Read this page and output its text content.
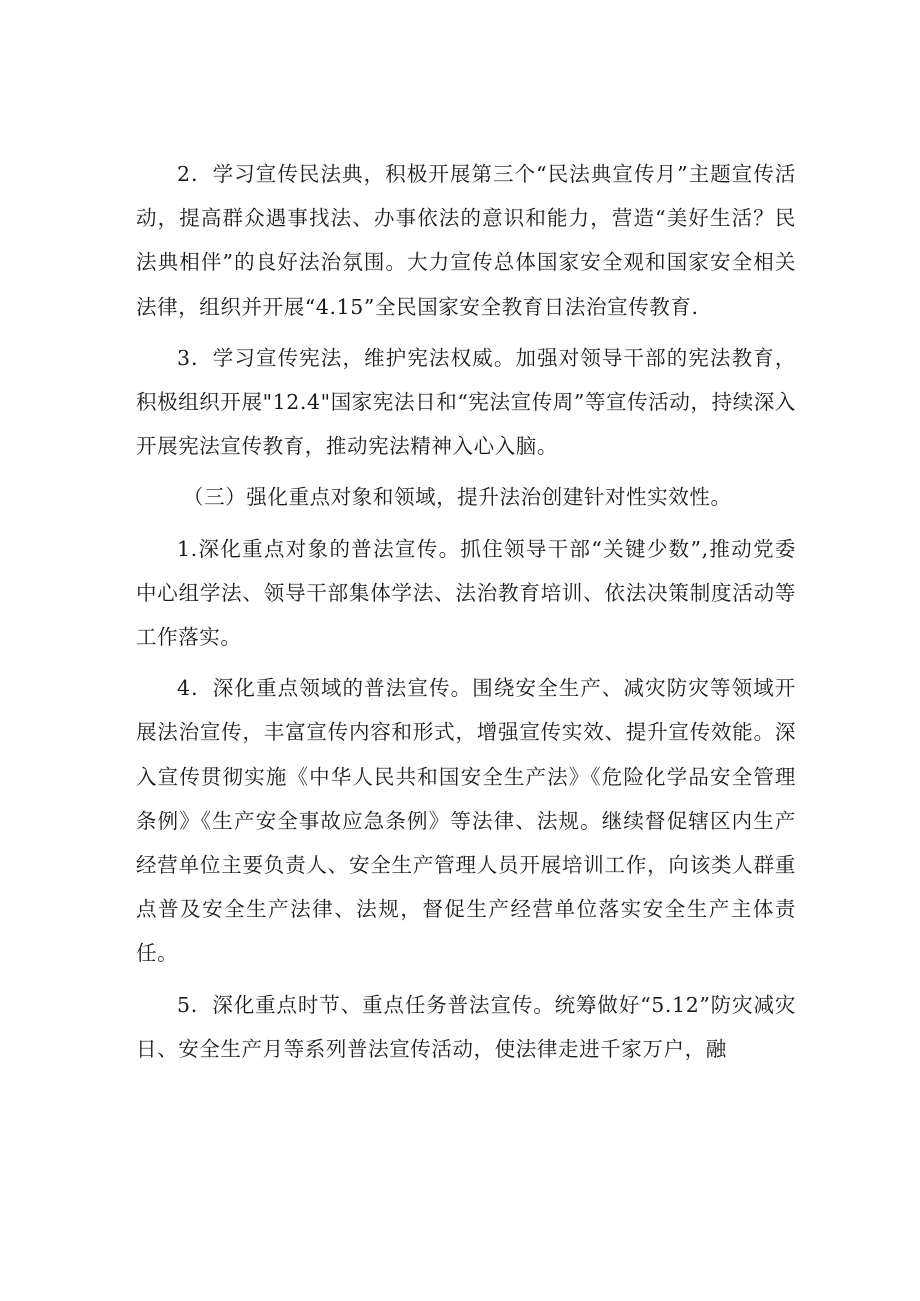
2．学习宣传民法典，积极开展第三个“民法典宣传月”主题宣传活动，提高群众遇事找法、办事依法的意识和能力，营造“美好生活？民法典相伴”的良好法治氛围。大力宣传总体国家安全观和国家安全相关法律，组织并开展“4.15”全民国家安全教育日法治宣传教育.

3．学习宣传宪法，维护宪法权威。加强对领导干部的宪法教育，积极组织开展"12.4"国家宪法日和“宪法宣传周”等宣传活动，持续深入开展宪法宣传教育，推动宪法精神入心入脑。

（三）强化重点对象和领域，提升法治创建针对性实效性。

1.深化重点对象的普法宣传。抓住领导干部“关键少数”,推动党委中心组学法、领导干部集体学法、法治教育培训、依法决策制度活动等工作落实。

4．深化重点领域的普法宣传。围绕安全生产、减灾防灾等领域开展法治宣传，丰富宣传内容和形式，增强宣传实效、提升宣传效能。深入宣传贯彻实施《中华人民共和国安全生产法》《危险化学品安全管理条例》《生产安全事故应急条例》等法律、法规。继续督促辖区内生产经营单位主要负责人、安全生产管理人员开展培训工作，向该类人群重点普及安全生产法律、法规，督促生产经营单位落实安全生产主体责任。

5．深化重点时节、重点任务普法宣传。统筹做好“5.12”防灾减灾日、安全生产月等系列普法宣传活动，使法律走进千家万户，融
